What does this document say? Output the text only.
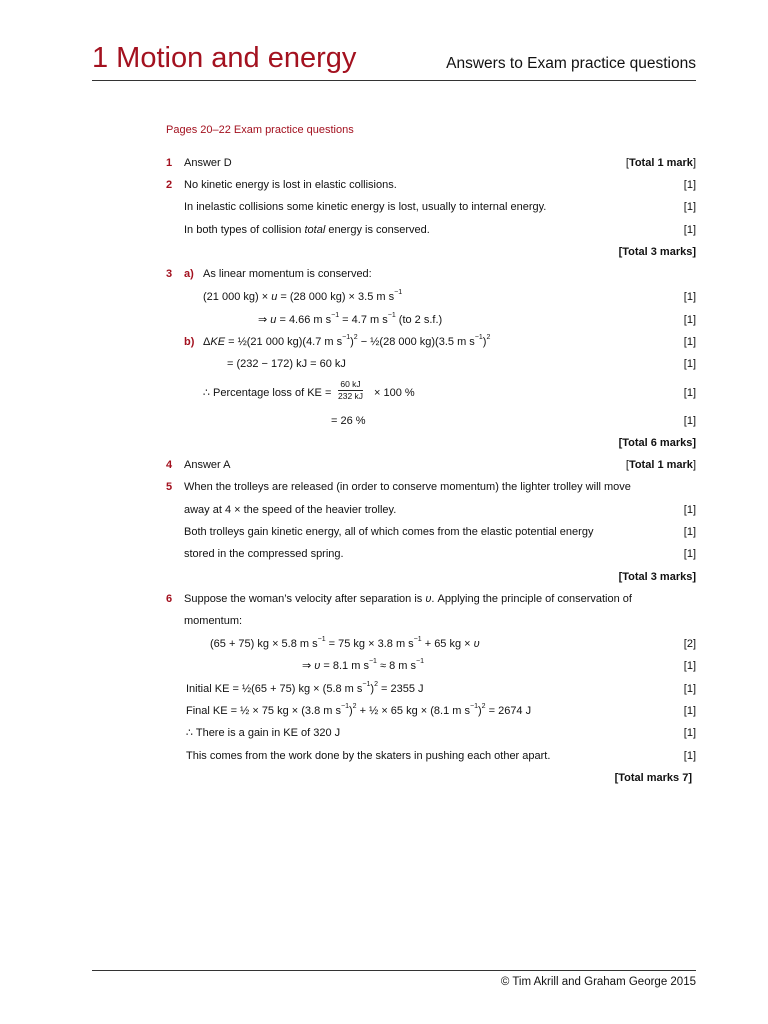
1 Motion and energy	Answers to Exam practice questions
Pages 20–22 Exam practice questions
1 Answer D	[Total 1 mark]
2 No kinetic energy is lost in elastic collisions.	[1]
In inelastic collisions some kinetic energy is lost, usually to internal energy.	[1]
In both types of collision total energy is conserved.	[1]
[Total 3 marks]
3 a) As linear momentum is conserved:
(21 000 kg) × u = (28 000 kg) × 3.5 m $s^{-1}$	[1]
⇒ u = 4.66 m $s^{-1} = 4.7$ m $s^{-1}$ (to 2 s.f.)	[1]
b) ΔKE = ½(21 000 kg)(4.7 m $s^{-1})^2$ − ½(28 000 kg)(3.5 m $s^{-1})^2$	[1]
= (232 − 172) kJ = 60 kJ	[1]
∴ Percentage loss of KE = $\frac{60 kJ}{232 kJ} \times 100$ %	[1]
= 26 %	[1]
[Total 6 marks]
4 Answer A	[Total 1 mark]
5 When the trolleys are released (in order to conserve momentum) the lighter trolley will move
away at 4 × the speed of the heavier trolley.	[1]
Both trolleys gain kinetic energy, all of which comes from the elastic potential energy	[1]
stored in the compressed spring.	[1]
[Total 3 marks]
6 Suppose the woman’s velocity after separation is υ. Applying the principle of conservation of
momentum:
(65 + 75) kg × 5.8 m $s^{-1} = 75$ kg × 3.8 m $s^{-1} + 65$ kg × υ	[2]
⇒ υ = 8.1 m $s^{-1} \approx 8$ m $s^{-1}$	[1]
Initial KE = ½(65 + 75) kg × (5.8 m $s^{-1})^2 = 2355$ J	[1]
Final KE = ½ × 75 kg × (3.8 m $s^{-1})^2$ + ½ × 65 kg × (8.1 m $s^{-1})^2 = 2674$ J	[1]
∴ There is a gain in KE of 320 J	[1]
This comes from the work done by the skaters in pushing each other apart.	[1]
[Total marks 7]
© Tim Akrill and Graham George 2015
